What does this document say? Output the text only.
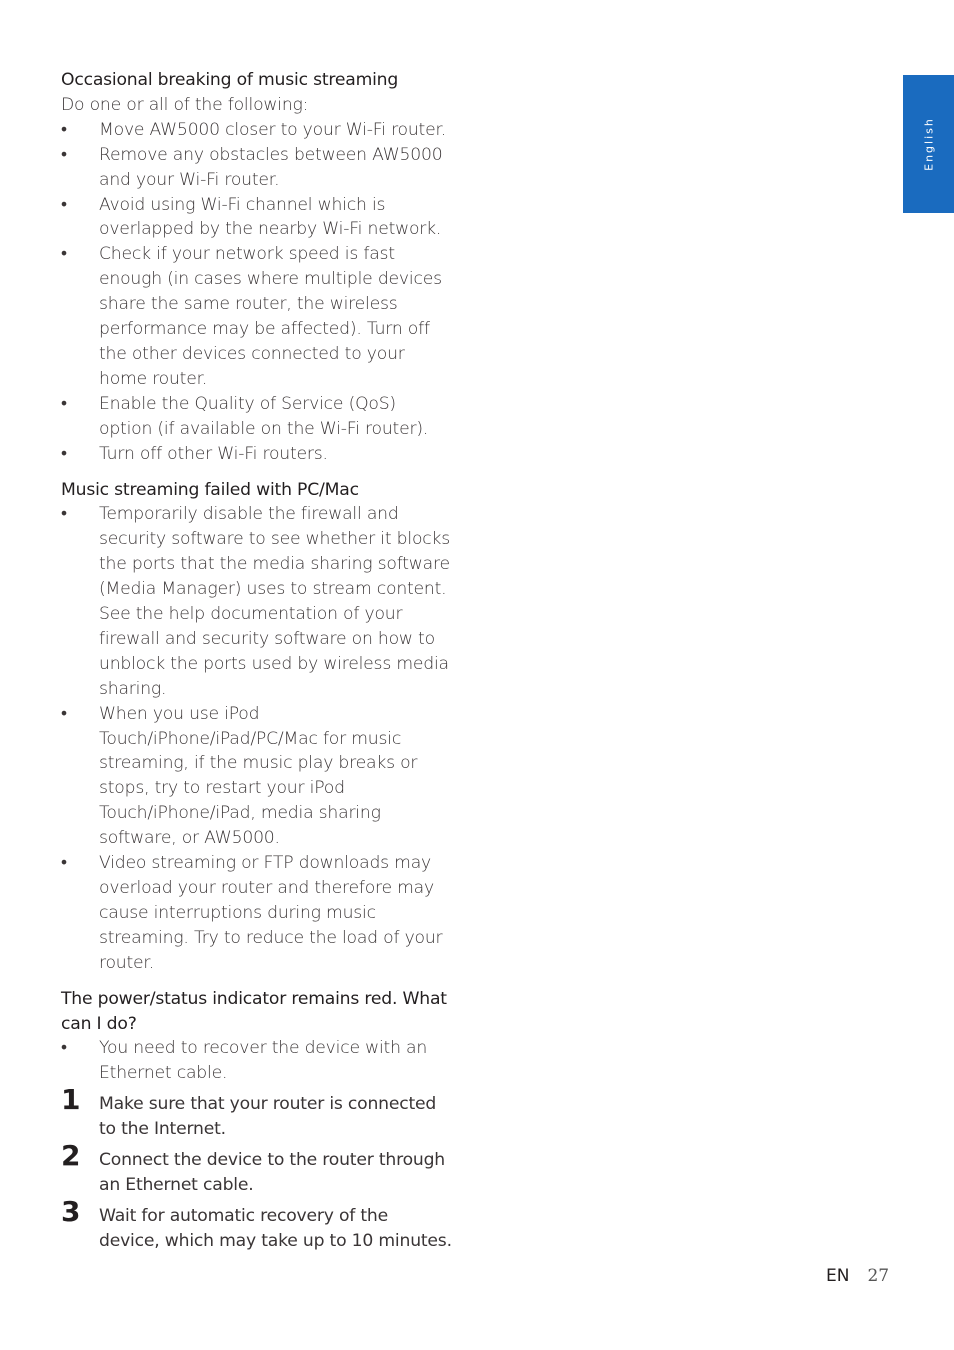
English

Occasional breaking of music streaming

Do one or all of the following:

• Move AW5000 closer to your Wi-Fi router.
• Remove any obstacles between AW5000 and your Wi-Fi router.
• Avoid using Wi-Fi channel which is overlapped by the nearby Wi-Fi network.
• Check if your network speed is fast enough (in cases where multiple devices share the same router, the wireless performance may be affected). Turn off the other devices connected to your home router.
• Enable the Quality of Service (QoS) option (if available on the Wi-Fi router).
• Turn off other Wi-Fi routers.

Music streaming failed with PC/Mac

• Temporarily disable the firewall and security software to see whether it blocks the ports that the media sharing software (Media Manager) uses to stream content. See the help documentation of your firewall and security software on how to unblock the ports used by wireless media sharing.
• When you use iPod Touch/iPhone/iPad/PC/Mac for music streaming, if the music play breaks or stops, try to restart your iPod Touch/iPhone/iPad, media sharing software, or AW5000.
• Video streaming or FTP downloads may overload your router and therefore may cause interruptions during music streaming. Try to reduce the load of your router.

The power/status indicator remains red. What can I do?

• You need to recover the device with an Ethernet cable.
1 Make sure that your router is connected to the Internet.
2 Connect the device to the router through an Ethernet cable.
3 Wait for automatic recovery of the device, which may take up to 10 minutes.
EN 27
